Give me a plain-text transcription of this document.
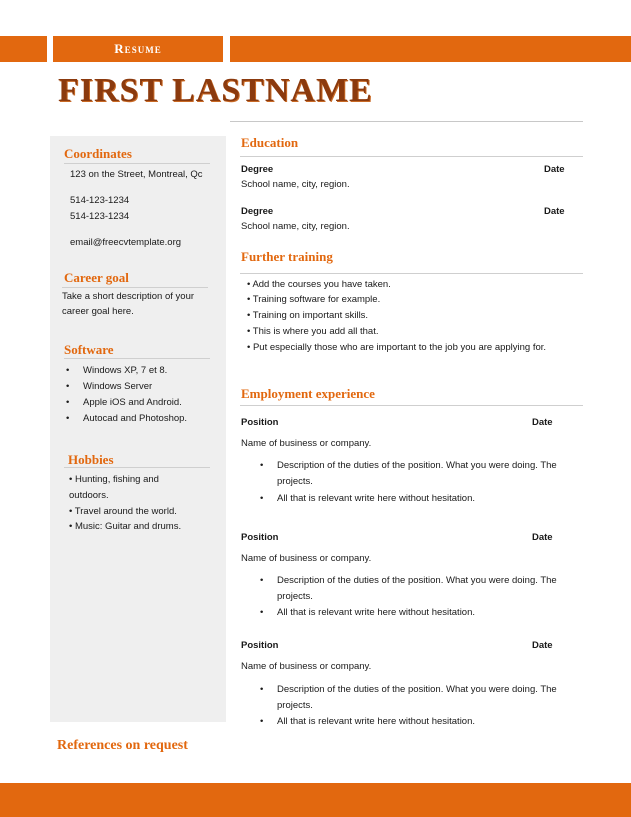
Resume
FIRST LASTNAME
Coordinates
123 on the Street, Montreal, Qc
514-123-1234
514-123-1234
email@freecvtemplate.org
Career goal
Take a short description of your
career goal here.
Software
• Windows XP, 7 et 8.
• Windows Server
• Apple iOS and Android.
• Autocad and Photoshop.
Hobbies
• Hunting, fishing and
outdoors.
• Travel around the world.
• Music: Guitar and drums.
Education
Degree	Date
School name, city, region.
Degree	Date
School name, city, region.
Further training
• Add the courses you have taken.
• Training software for example.
• Training on important skills.
• This is where you add all that.
• Put especially those who are important to the job you are applying for.
Employment experience
Position	Date
Name of business or company.
• Description of the duties of the position. What you were doing. The
projects.
• All that is relevant write here without hesitation.
Position	Date
Name of business or company.
• Description of the duties of the position. What you were doing. The
projects.
• All that is relevant write here without hesitation.
Position	Date
Name of business or company.
• Description of the duties of the position. What you were doing. The
projects.
• All that is relevant write here without hesitation.
References on request
